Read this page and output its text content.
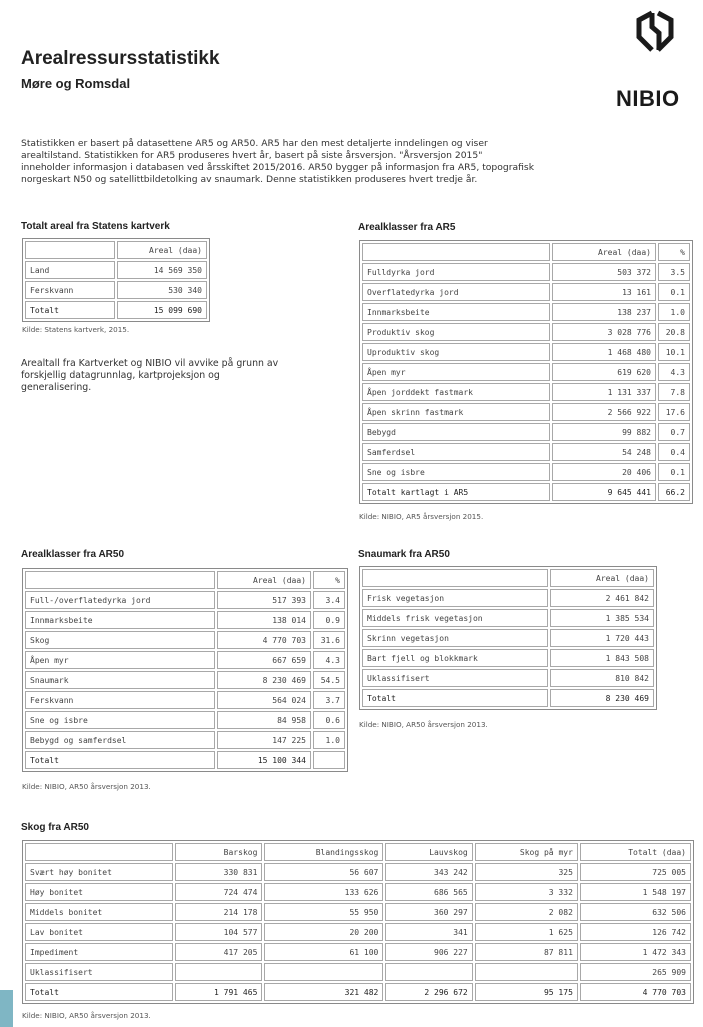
Arealressursstatistikk
Møre og Romsdal
NIBIO
Statistikken er basert på datasettene AR5 og AR50. AR5 har den mest detaljerte inndelingen og viser
arealtilstand. Statistikken for AR5 produseres hvert år, basert på siste årsversjon. "Årsversjon 2015"
inneholder informasjon i databasen ved årsskiftet 2015/2016. AR50 bygger på informasjon fra AR5, topografisk
norgeskart N50 og satellittbildetolking av snaumark. Denne statistikken produseres hvert tredje år.
Totalt areal fra Statens kartverk
	Areal (daa)
Land	14 569 350
Ferskvann	530 340
Totalt	15 099 690
Kilde: Statens kartverk, 2015.
Arealtall fra Kartverket og NIBIO vil avvike på grunn av
forskjellig datagrunnlag, kartprojeksjon og
generalisering.
Arealklasser fra AR5
	Areal (daa)	%
Fulldyrka jord	503 372	3.5
Overflatedyrka jord	13 161	0.1
Innmarksbeite	138 237	1.0
Produktiv skog	3 028 776	20.8
Uproduktiv skog	1 468 480	10.1
Åpen myr	619 620	4.3
Åpen jorddekt fastmark	1 131 337	7.8
Åpen skrinn fastmark	2 566 922	17.6
Bebygd	99 882	0.7
Samferdsel	54 248	0.4
Sne og isbre	20 406	0.1
Totalt kartlagt i AR5	9 645 441	66.2
Kilde: NIBIO, AR5 årsversjon 2015.
Arealklasser fra AR50
	Areal (daa)	%
Full-/overflatedyrka jord	517 393	3.4
Innmarksbeite	138 014	0.9
Skog	4 770 703	31.6
Åpen myr	667 659	4.3
Snaumark	8 230 469	54.5
Ferskvann	564 024	3.7
Sne og isbre	84 958	0.6
Bebygd og samferdsel	147 225	1.0
Totalt	15 100 344	
Kilde: NIBIO, AR50 årsversjon 2013.
Snaumark fra AR50
	Areal (daa)
Frisk vegetasjon	2 461 842
Middels frisk vegetasjon	1 385 534
Skrinn vegetasjon	1 720 443
Bart fjell og blokkmark	1 843 508
Uklassifisert	810 842
Totalt	8 230 469
Kilde: NIBIO, AR50 årsversjon 2013.
Skog fra AR50
	Barskog	Blandingsskog	Lauvskog	Skog på myr	Totalt (daa)
Svært høy bonitet	330 831	56 607	343 242	325	725 005
Høy bonitet	724 474	133 626	686 565	3 332	1 548 197
Middels bonitet	214 178	55 950	360 297	2 082	632 506
Lav bonitet	104 577	20 200	341	1 625	126 742
Impediment	417 205	61 100	906 227	87 811	1 472 343
Uklassifisert					265 909
Totalt	1 791 465	321 482	2 296 672	95 175	4 770 703
Kilde: NIBIO, AR50 årsversjon 2013.
